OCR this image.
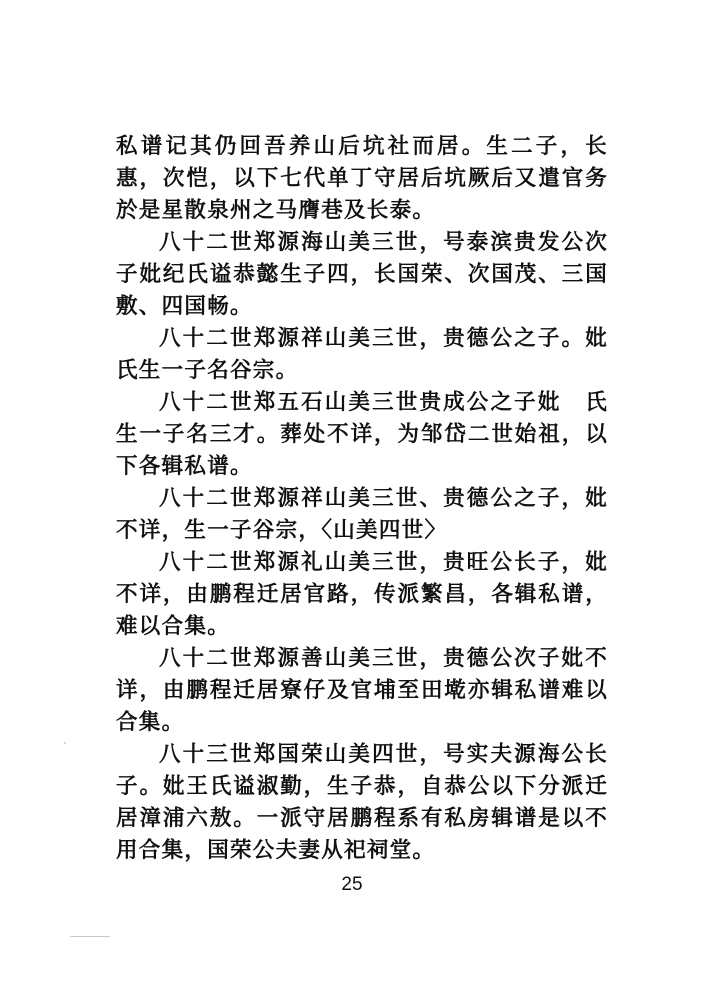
私谱记其仍回吾养山后坑社而居。生二子，长惠，次恺，以下七代单丁守居后坑厥后又遣官务於是星散泉州之马膺巷及长泰。

八十二世郑源海山美三世，号泰滨贵发公次子妣纪氏谥恭懿生子四，长国荣、次国茂、三国敷、四国畅。

八十二世郑源祥山美三世，贵德公之子。妣　氏生一子名谷宗。

八十二世郑五石山美三世贵成公之子妣　氏生一子名三才。葬处不详，为邹岱二世始祖，以下各辑私谱。

八十二世郑源祥山美三世、贵德公之子，妣不详，生一子谷宗，〈山美四世〉

八十二世郑源礼山美三世，贵旺公长子，妣不详，由鹏程迁居官路，传派繁昌，各辑私谱，难以合集。

八十二世郑源善山美三世，贵德公次子妣不详，由鹏程迁居寮仔及官埔至田墘亦辑私谱难以合集。

八十三世郑国荣山美四世，号实夫源海公长子。妣王氏谥淑勤，生子恭，自恭公以下分派迁居漳浦六敖。一派守居鹏程系有私房辑谱是以不用合集，国荣公夫妻从祀祠堂。

25
